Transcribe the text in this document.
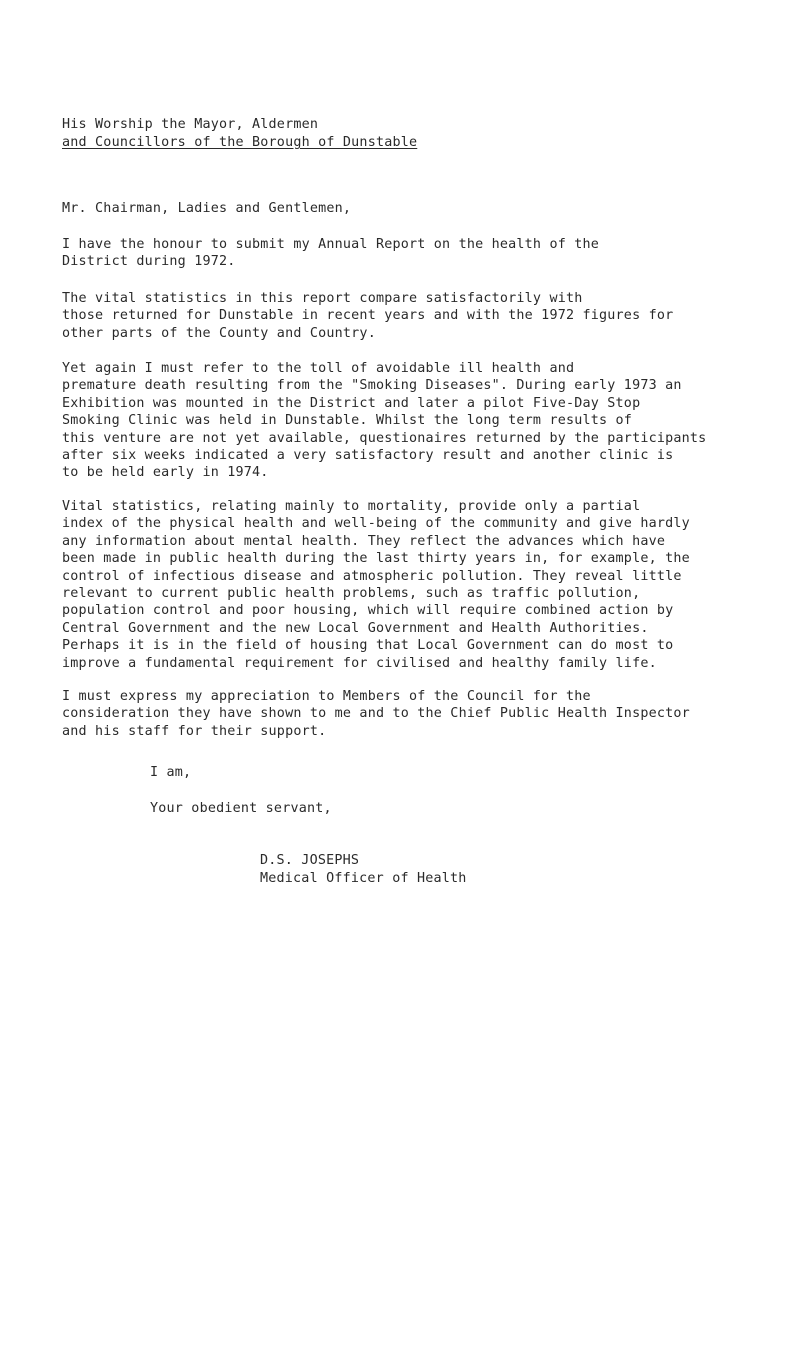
His Worship the Mayor, Aldermen
and Councillors of the Borough of Dunstable
Mr. Chairman, Ladies and Gentlemen,
I have the honour to submit my Annual Report on the health of the
District during 1972.
The vital statistics in this report compare satisfactorily with
those returned for Dunstable in recent years and with the 1972 figures for
other parts of the County and Country.
Yet again I must refer to the toll of avoidable ill health and
premature death resulting from the "Smoking Diseases". During early 1973 an
Exhibition was mounted in the District and later a pilot Five-Day Stop
Smoking Clinic was held in Dunstable. Whilst the long term results of
this venture are not yet available, questionaires returned by the participants
after six weeks indicated a very satisfactory result and another clinic is
to be held early in 1974.
Vital statistics, relating mainly to mortality, provide only a partial
index of the physical health and well-being of the community and give hardly
any information about mental health. They reflect the advances which have
been made in public health during the last thirty years in, for example, the
control of infectious disease and atmospheric pollution. They reveal little
relevant to current public health problems, such as traffic pollution,
population control and poor housing, which will require combined action by
Central Government and the new Local Government and Health Authorities.
Perhaps it is in the field of housing that Local Government can do most to
improve a fundamental requirement for civilised and healthy family life.
I must express my appreciation to Members of the Council for the
consideration they have shown to me and to the Chief Public Health Inspector
and his staff for their support.
I am,
Your obedient servant,
D.S. JOSEPHS
Medical Officer of Health
